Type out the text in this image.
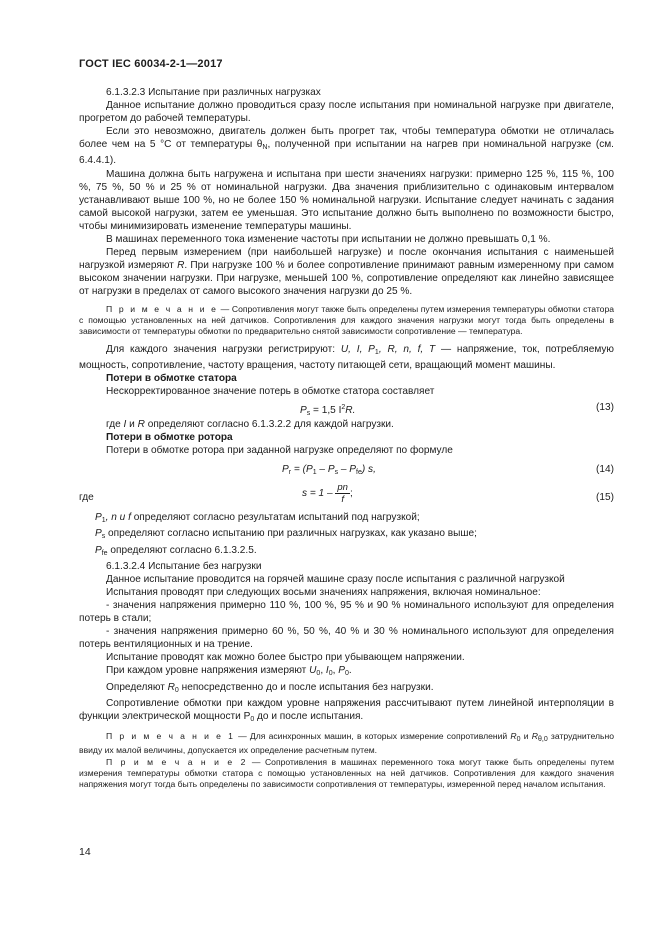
ГОСТ IEC 60034-2-1—2017

6.1.3.2.3 Испытание при различных нагрузках

Данное испытание должно проводиться сразу после испытания при номинальной нагрузке при двигателе, прогретом до рабочей температуры.

Если это невозможно, двигатель должен быть прогрет так, чтобы температура обмотки не отличалась более чем на 5 °C от температуры $\theta_N$, полученной при испытании на нагрев при номинальной нагрузке (см. 6.4.4.1).

Машина должна быть нагружена и испытана при шести значениях нагрузки: примерно 125 %, 115 %, 100 %, 75 %, 50 % и 25 % от номинальной нагрузки. Два значения приблизительно с одинаковым интервалом устанавливают выше 100 %, но не более 150 % номинальной нагрузки. Испытание следует начинать с задания самой высокой нагрузки, затем ее уменьшая. Это испытание должно быть выполнено по возможности быстро, чтобы минимизировать изменение температуры машины.

В машинах переменного тока изменение частоты при испытании не должно превышать 0,1 %.

Перед первым измерением (при наибольшей нагрузке) и после окончания испытания с наименьшей нагрузкой измеряют R. При нагрузке 100 % и более сопротивление принимают равным измеренному при самом высоком значении нагрузки. При нагрузке, меньшей 100 %, сопротивление определяют как линейно зависящее от нагрузки в пределах от самого высокого значения нагрузки до 25 %.

П р и м е ч а н и е — Сопротивления могут также быть определены путем измерения температуры обмотки статора с помощью установленных на ней датчиков. Сопротивления для каждого значения нагрузки могут тогда быть определены в зависимости от температуры обмотки по предварительно снятой зависимости сопротивление — температура.

Для каждого значения нагрузки регистрируют: U, I, $P_1$, R, n, f, T — напряжение, ток, потребляемую мощность, сопротивление, частоту вращения, частоту питающей сети, вращающий момент машины.

Потери в обмотке статора

Нескорректированное значение потерь в обмотке статора составляет

$P_s = 1,5$ $I^2R$.	(13)

где I и R определяют согласно 6.1.3.2.2 для каждой нагрузки.

Потери в обмотке ротора

Потери в обмотке ротора при заданной нагрузке определяют по формуле

$P_r = (P_1 - P_s - P_{fe})$ s,	(14)
где	$s = 1 - \frac{pn}{f}$ ;	(15)

$P_1$, n и f определяют согласно результатам испытаний под нагрузкой;

$P_s$ определяют согласно испытанию при различных нагрузках, как указано выше;

$P_{fe}$ определяют согласно 6.1.3.2.5.

6.1.3.2.4 Испытание без нагрузки

Данное испытание проводится на горячей машине сразу после испытания с различной нагрузкой

Испытания проводят при следующих восьми значениях напряжения, включая номинальное:

- значения напряжения примерно 110 %, 100 %, 95 % и 90 % номинального используют для определения потерь в стали;

- значения напряжения примерно 60 %, 50 %, 40 % и 30 % номинального используют для определения потерь вентиляционных и на трение.

Испытание проводят как можно более быстро при убывающем напряжении.

При каждом уровне напряжения измеряют $U_0$, $I_0$, $P_0$.

Определяют $R_0$ непосредственно до и после испытания без нагрузки.

Сопротивление обмотки при каждом уровне напряжения рассчитывают путем линейной интерполяции в функции электрической мощности $P_0$ до и после испытания.

П р и м е ч а н и е 1 — Для асинхронных машин, в которых измерение сопротивлений $R_0$ и $R_{\theta,0}$ затруднительно ввиду их малой величины, допускается их определение расчетным путем.

П р и м е ч а н и е 2 — Сопротивления в машинах переменного тока могут также быть определены путем измерения температуры обмотки статора с помощью установленных на ней датчиков. Сопротивления для каждого значения напряжения могут тогда быть определены по зависимости сопротивления от температуры, измеренной перед началом испытания.

14
